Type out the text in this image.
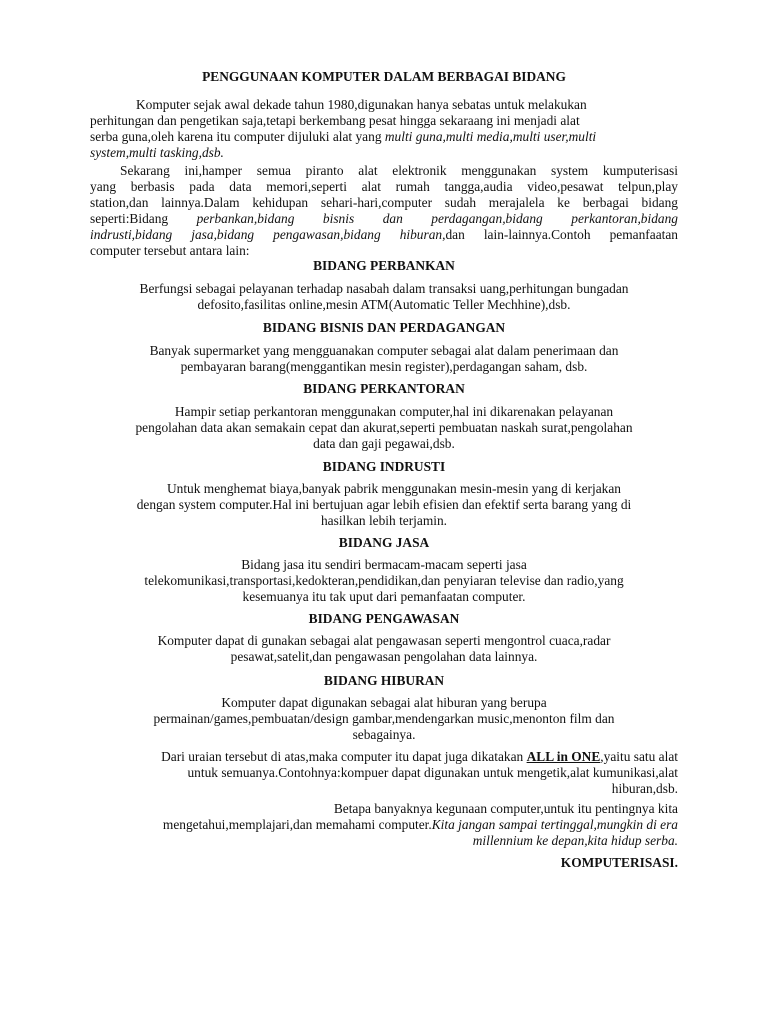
PENGGUNAAN KOMPUTER DALAM BERBAGAI BIDANG
Komputer sejak awal dekade tahun 1980,digunakan hanya sebatas untuk melakukan
perhitungan dan pengetikan saja,tetapi berkembang pesat hingga sekaraang ini menjadi alat
serba guna,oleh karena itu computer dijuluki alat yang multi guna,multi media,multi user,multi
system,multi tasking,dsb.
Sekarang ini,hamper semua piranto alat elektronik menggunakan system kumputerisasi
yang berbasis pada data memori,seperti alat rumah tangga,audia video,pesawat telpun,play
station,dan lainnya.Dalam kehidupan sehari-hari,computer sudah merajalela ke berbagai bidang
seperti:Bidang perbankan,bidang bisnis dan perdagangan,bidang perkantoran,bidang
indrusti,bidang jasa,bidang pengawasan,bidang hiburan,dan lain-lainnya.Contoh pemanfaatan
computer tersebut antara lain:
BIDANG PERBANKAN
Berfungsi sebagai pelayanan terhadap nasabah dalam transaksi uang,perhitungan bungadan
defosito,fasilitas online,mesin ATM(Automatic Teller Mechhine),dsb.
BIDANG BISNIS DAN PERDAGANGAN
Banyak supermarket yang mengguanakan computer sebagai alat dalam penerimaan dan
pembayaran barang(menggantikan mesin register),perdagangan saham, dsb.
BIDANG PERKANTORAN
Hampir setiap perkantoran menggunakan computer,hal ini dikarenakan pelayanan
pengolahan data akan semakain cepat dan akurat,seperti pembuatan naskah surat,pengolahan
data dan gaji pegawai,dsb.
BIDANG INDRUSTI
Untuk menghemat biaya,banyak pabrik menggunakan mesin-mesin yang di kerjakan
dengan system computer.Hal ini bertujuan agar lebih efisien dan efektif serta barang yang di
hasilkan lebih terjamin.
BIDANG JASA
Bidang jasa itu sendiri bermacam-macam seperti jasa
telekomunikasi,transportasi,kedokteran,pendidikan,dan penyiaran televise dan radio,yang
kesemuanya itu tak uput dari pemanfaatan computer.
BIDANG PENGAWASAN
Komputer dapat di gunakan sebagai alat pengawasan seperti mengontrol cuaca,radar
pesawat,satelit,dan pengawasan pengolahan data lainnya.
BIDANG HIBURAN
Komputer dapat digunakan sebagai alat hiburan yang berupa
permainan/games,pembuatan/design gambar,mendengarkan music,menonton film dan
sebagainya.
Dari uraian tersebut di atas,maka computer itu dapat juga dikatakan ALL in ONE,yaitu satu alat
untuk semuanya.Contohnya:kompuer dapat digunakan untuk mengetik,alat kumunikasi,alat
hiburan,dsb.
Betapa banyaknya kegunaan computer,untuk itu pentingnya kita
mengetahui,memplajari,dan memahami computer.Kita jangan sampai tertinggal,mungkin di era
millennium ke depan,kita hidup serba.
KOMPUTERISASI.
